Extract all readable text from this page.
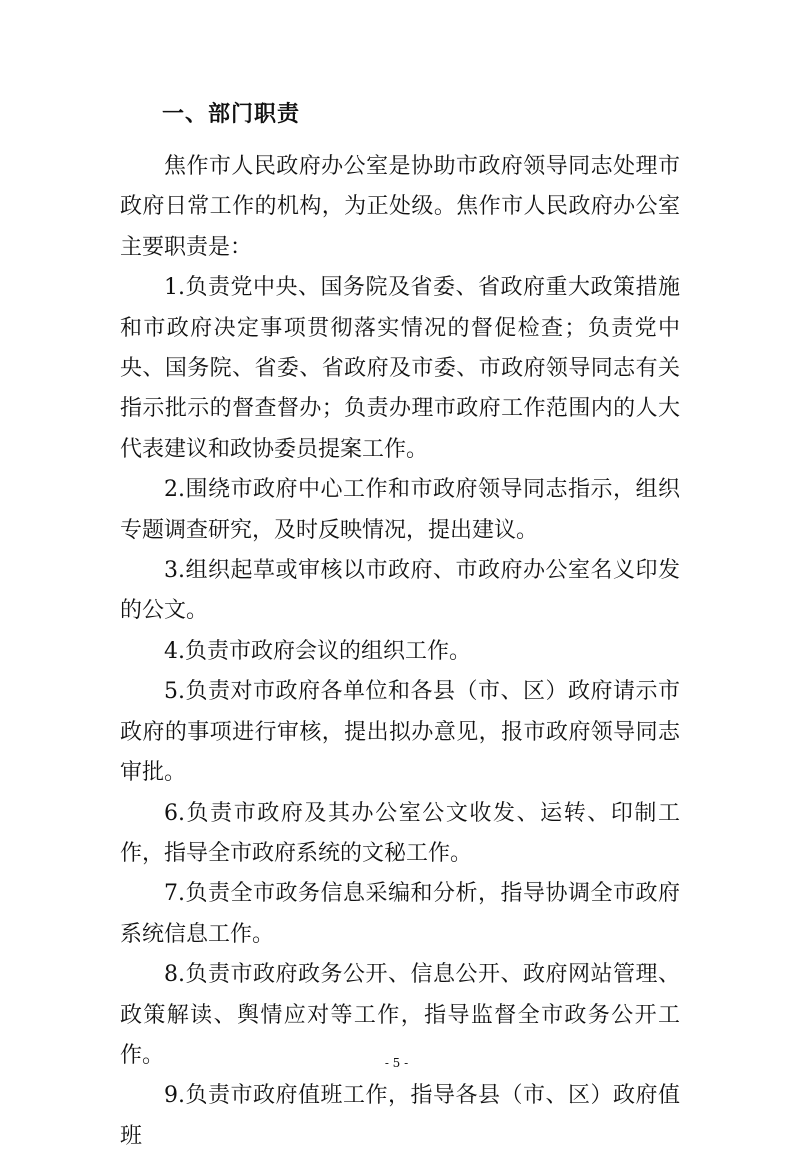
一、部门职责

焦作市人民政府办公室是协助市政府领导同志处理市政府日常工作的机构，为正处级。焦作市人民政府办公室主要职责是：

1.负责党中央、国务院及省委、省政府重大政策措施和市政府决定事项贯彻落实情况的督促检查；负责党中央、国务院、省委、省政府及市委、市政府领导同志有关指示批示的督查督办；负责办理市政府工作范围内的人大代表建议和政协委员提案工作。

2.围绕市政府中心工作和市政府领导同志指示，组织专题调查研究，及时反映情况，提出建议。

3.组织起草或审核以市政府、市政府办公室名义印发的公文。

4.负责市政府会议的组织工作。

5.负责对市政府各单位和各县（市、区）政府请示市政府的事项进行审核，提出拟办意见，报市政府领导同志审批。

6.负责市政府及其办公室公文收发、运转、印制工作，指导全市政府系统的文秘工作。

7.负责全市政务信息采编和分析，指导协调全市政府系统信息工作。

8.负责市政府政务公开、信息公开、政府网站管理、政策解读、舆情应对等工作，指导监督全市政务公开工作。

9.负责市政府值班工作，指导各县（市、区）政府值班

- 5 -
